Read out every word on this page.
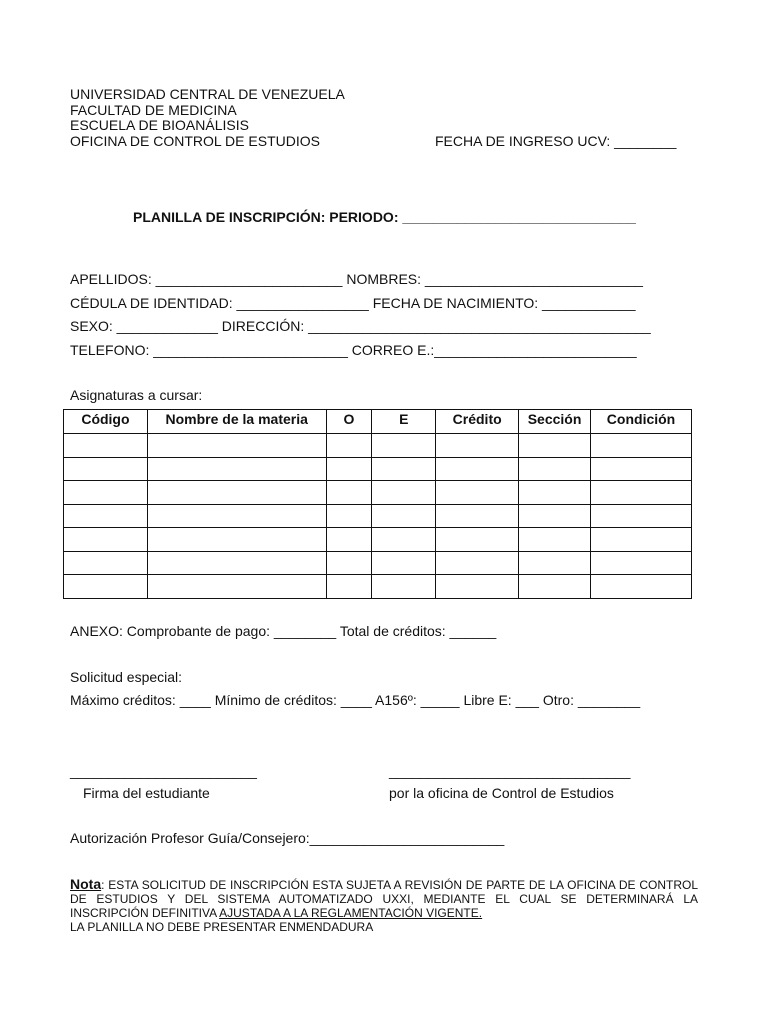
UNIVERSIDAD CENTRAL DE VENEZUELA
FACULTAD DE MEDICINA
ESCUELA DE BIOANÁLISIS
OFICINA DE CONTROL DE ESTUDIOS	FECHA DE INGRESO UCV: ________
PLANILLA DE INSCRIPCIÓN: PERIODO: ______________________________
APELLIDOS: ________________________ NOMBRES: ____________________________
CÉDULA DE IDENTIDAD: _________________ FECHA DE NACIMIENTO: ____________
SEXO: _____________ DIRECCIÓN: ____________________________________________
TELEFONO: _________________________ CORREO E.:__________________________
Asignaturas a cursar:
Código	Nombre de la materia	O	E	Crédito	Sección	Condición

ANEXO: Comprobante de pago: ________ Total de créditos: ______
Solicitud especial:
Máximo créditos: ____ Mínimo de créditos: ____ A156º: _____ Libre E: ___ Otro: ________
________________________	_______________________________
Firma del estudiante	por la oficina de Control de Estudios
Autorización Profesor Guía/Consejero:_________________________
Nota: ESTA SOLICITUD DE INSCRIPCIÓN ESTA SUJETA A REVISIÓN DE PARTE DE LA OFICINA DE CONTROL DE ESTUDIOS Y DEL SISTEMA AUTOMATIZADO UXXI, MEDIANTE EL CUAL SE DETERMINARÁ LA INSCRIPCIÓN DEFINITIVA AJUSTADA A LA REGLAMENTACIÓN VIGENTE.
LA PLANILLA NO DEBE PRESENTAR ENMENDADURA
